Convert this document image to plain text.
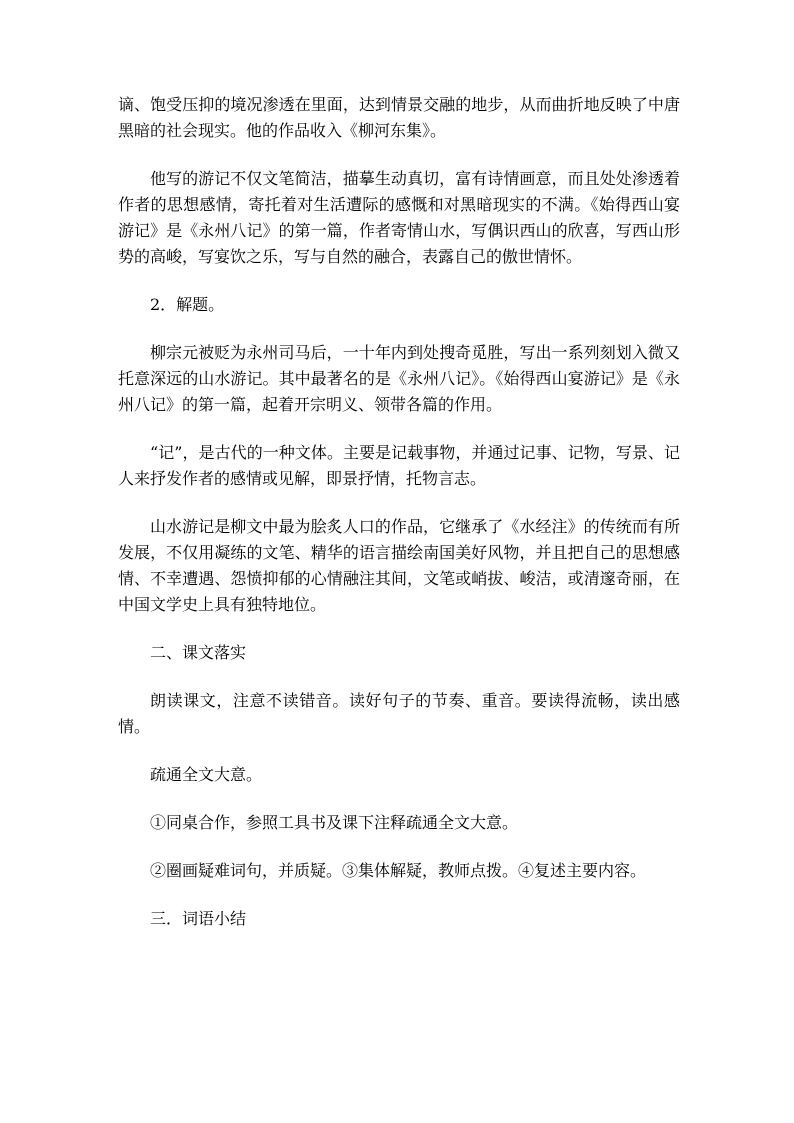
谪、饱受压抑的境况渗透在里面，达到情景交融的地步，从而曲折地反映了中唐黑暗的社会现实。他的作品收入《柳河东集》。

他写的游记不仅文笔简洁，描摹生动真切，富有诗情画意，而且处处渗透着作者的思想感情，寄托着对生活遭际的感慨和对黑暗现实的不满。《始得西山宴游记》是《永州八记》的第一篇，作者寄情山水，写偶识西山的欣喜，写西山形势的高峻，写宴饮之乐，写与自然的融合，表露自己的傲世情怀。

2．解题。

柳宗元被贬为永州司马后，一十年内到处搜奇觅胜，写出一系列刻划入微又托意深远的山水游记。其中最著名的是《永州八记》。《始得西山宴游记》是《永州八记》的第一篇，起着开宗明义、领带各篇的作用。

“记”，是古代的一种文体。主要是记载事物，并通过记事、记物，写景、记人来抒发作者的感情或见解，即景抒情，托物言志。

山水游记是柳文中最为脍炙人口的作品，它继承了《水经注》的传统而有所发展，不仅用凝练的文笔、精华的语言描绘南国美好风物，并且把自己的思想感情、不幸遭遇、怨愤抑郁的心情融注其间，文笔或峭拔、峻洁，或清邃奇丽，在中国文学史上具有独特地位。

二、课文落实

朗读课文，注意不读错音。读好句子的节奏、重音。要读得流畅，读出感情。

疏通全文大意。

①同桌合作，参照工具书及课下注释疏通全文大意。

②圈画疑难词句，并质疑。③集体解疑，教师点拨。④复述主要内容。

三．词语小结
